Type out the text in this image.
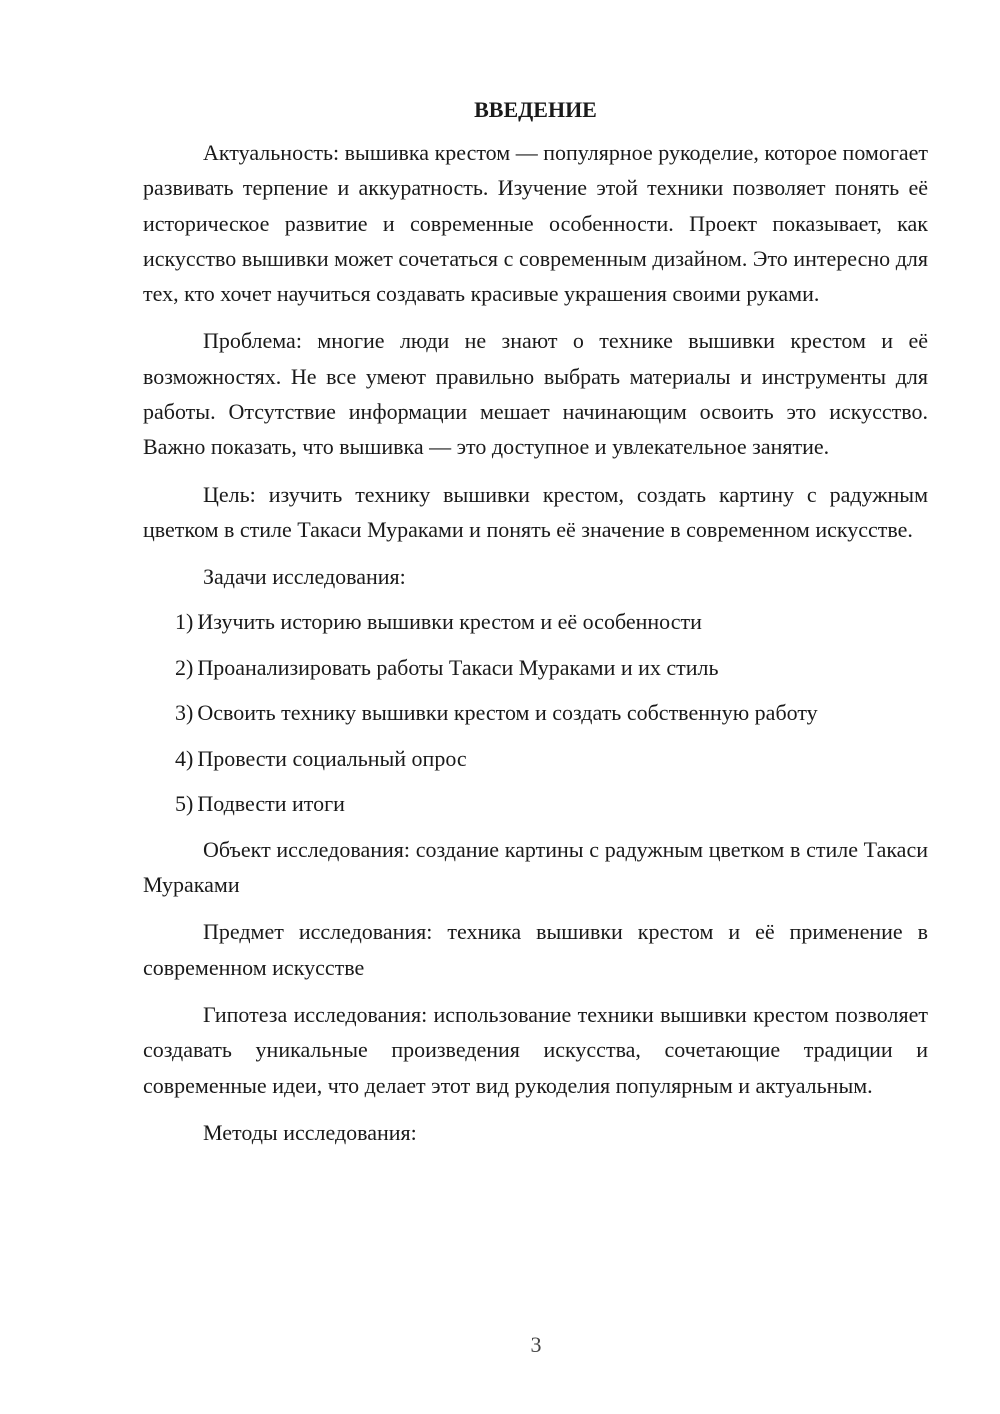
ВВЕДЕНИЕ

Актуальность: вышивка крестом — популярное рукоделие, которое помогает развивать терпение и аккуратность. Изучение этой техники позволяет понять её историческое развитие и современные особенности. Проект показывает, как искусство вышивки может сочетаться с современным дизайном. Это интересно для тех, кто хочет научиться создавать красивые украшения своими руками.

Проблема: многие люди не знают о технике вышивки крестом и её возможностях. Не все умеют правильно выбрать материалы и инструменты для работы. Отсутствие информации мешает начинающим освоить это искусство. Важно показать, что вышивка — это доступное и увлекательное занятие.

Цель: изучить технику вышивки крестом, создать картину с радужным цветком в стиле Такаси Мураками и понять её значение в современном искусстве.

Задачи исследования:

1) Изучить историю вышивки крестом и её особенности
2) Проанализировать работы Такаси Мураками и их стиль
3) Освоить технику вышивки крестом и создать собственную работу
4) Провести социальный опрос
5) Подвести итоги

Объект исследования: создание картины с радужным цветком в стиле Такаси Мураками

Предмет исследования: техника вышивки крестом и её применение в современном искусстве

Гипотеза исследования: использование техники вышивки крестом позволяет создавать уникальные произведения искусства, сочетающие традиции и современные идеи, что делает этот вид рукоделия популярным и актуальным.

Методы исследования:

3
